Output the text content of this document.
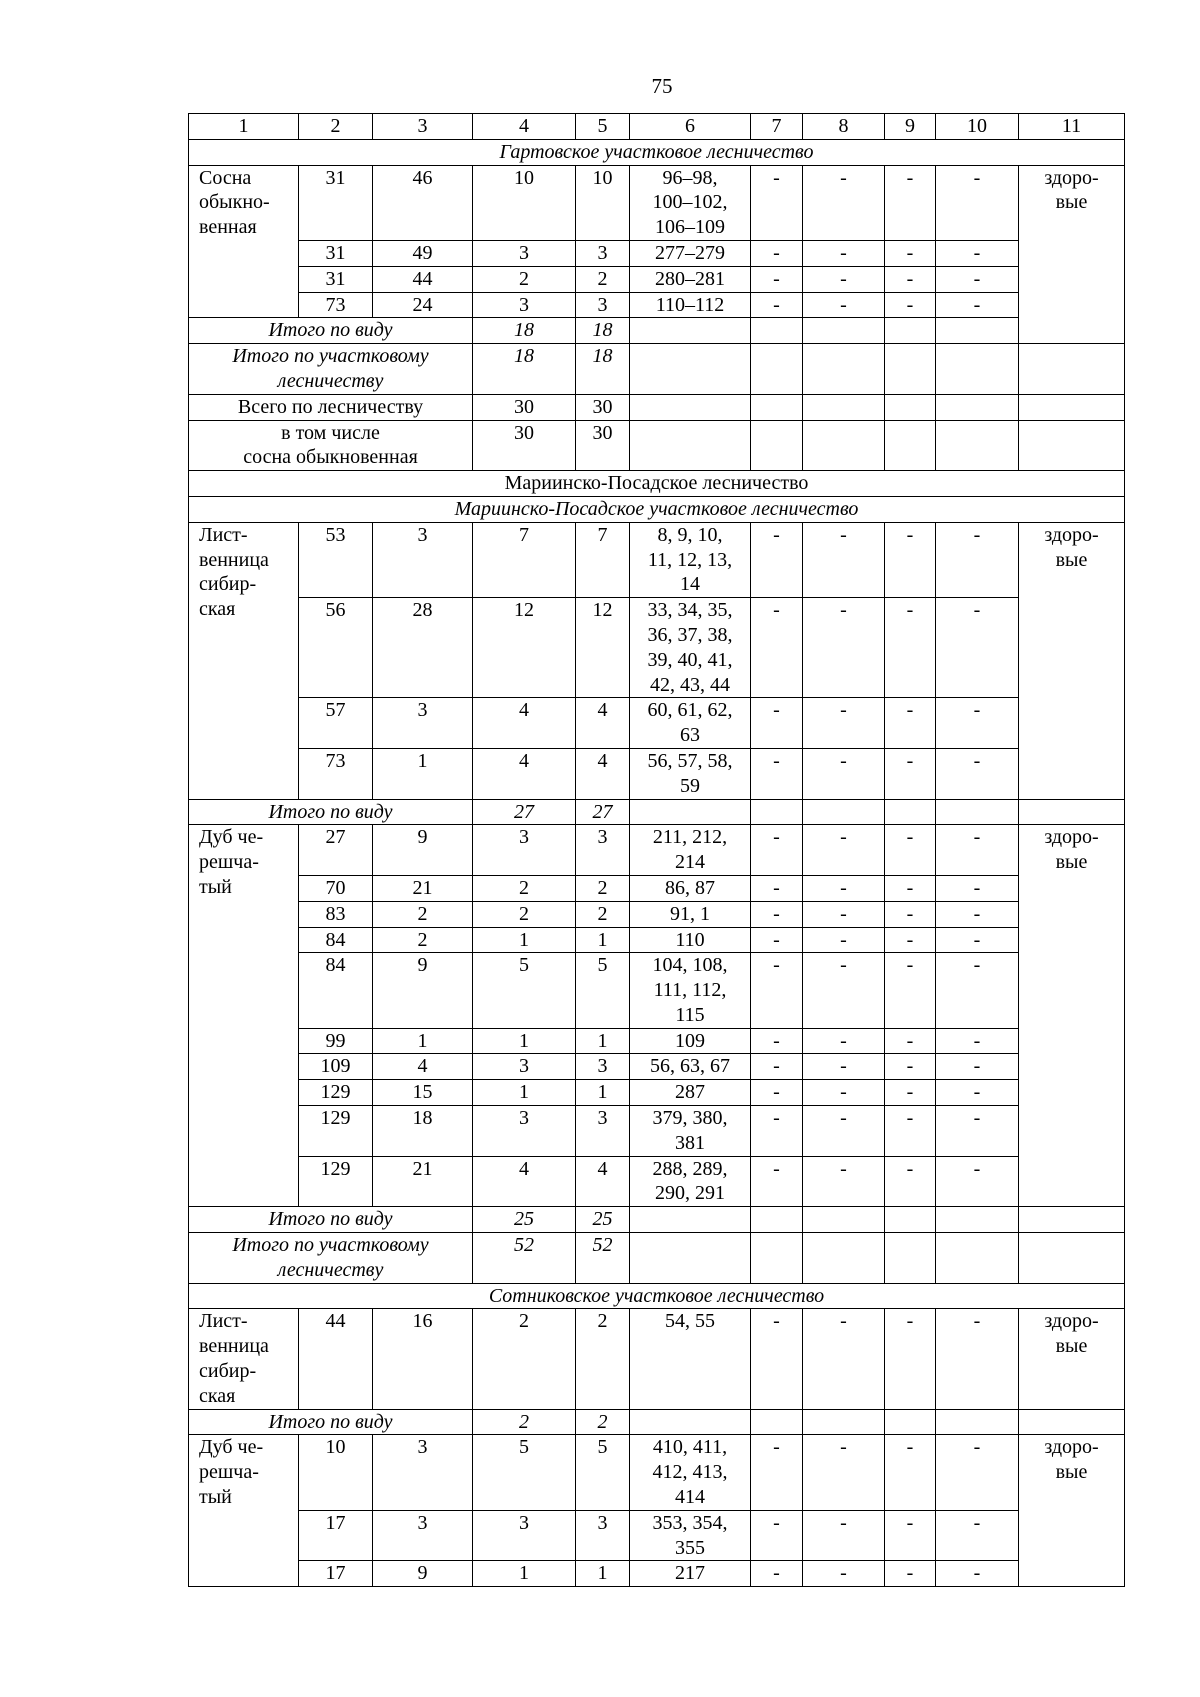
75
1	2	3	4	5	6	7	8	9	10	11
Гартовское участковое лесничество										

Сосна
обыкно-
венная	31	46	10	10	96–98,
100–102,
106–109	-	-	-	-	здоро-
вые

	31	49	3	3	277–279	-	-	-	-	
	31	44	2	2	280–281	-	-	-	-	
	73	24	3	3	110–112	-	-	-	-	

Итого по виду			18	18						

Итого по участковому
лесничеству			18	18						

Всего по лесничеству			30	30						

в том числе
сосна обыкновенная			30	30						
Мариинско-Посадское лесничество										
Мариинско-Посадское участковое лесничество										

Лист-
венница
сибир-
ская	53	3	7	7	8, 9, 10,
11, 12, 13,
14	-	-	-	-	здоро-
вые

	56	28	12	12	33, 34, 35,
36, 37, 38,
39, 40, 41,
42, 43, 44	-	-	-	-	
	57	3	4	4	60, 61, 62,
63	-	-	-	-	
	73	1	4	4	56, 57, 58,
59	-	-	-	-	

Итого по виду			27	27						

Дуб че-
решча-
тый	27	9	3	3	211, 212,
214	-	-	-	-	здоро-
вые

	70	21	2	2	86, 87	-	-	-	-	
	83	2	2	2	91, 1	-	-	-	-	
	84	2	1	1	110	-	-	-	-	
	84	9	5	5	104, 108,
111, 112,
115	-	-	-	-	
	99	1	1	1	109	-	-	-	-	
	109	4	3	3	56, 63, 67	-	-	-	-	
	129	15	1	1	287	-	-	-	-	
	129	18	3	3	379, 380,
381	-	-	-	-	
	129	21	4	4	288, 289,
290, 291	-	-	-	-	

Итого по виду			25	25						

Итого по участковому
лесничеству			52	52						
Сотниковское участковое лесничество										

Лист-
венница
сибир-
ская	44	16	2	2	54, 55	-	-	-	-	здоро-
вые

Итого по виду			2	2						

Дуб че-
решча-
тый	10	3	5	5	410, 411,
412, 413,
414	-	-	-	-	здоро-
вые

	17	3	3	3	353, 354,
355	-	-	-	-	
	17	9	1	1	217	-	-	-	-	
